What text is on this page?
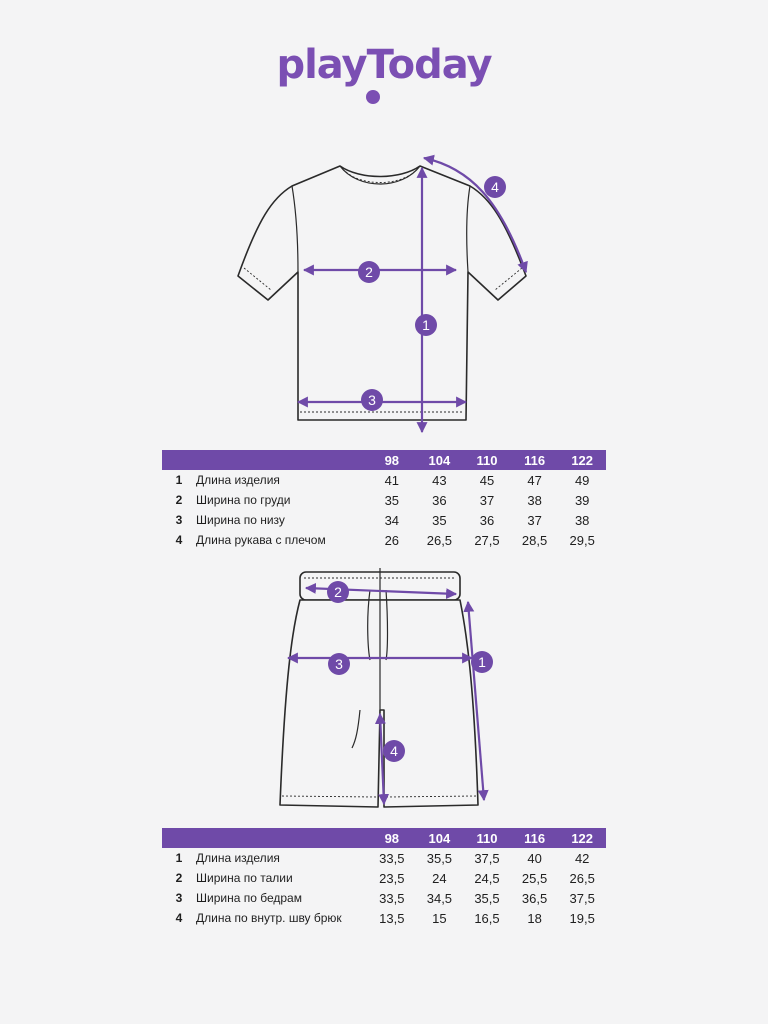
playToday
1
2
3
4
		98	104	110	116	122
1	Длина изделия	41	43	45	47	49
2	Ширина по груди	35	36	37	38	39
3	Ширина по низу	34	35	36	37	38
4	Длина рукава с плечом	26	26,5	27,5	28,5	29,5
1
2
3
4
		98	104	110	116	122
1	Длина изделия	33,5	35,5	37,5	40	42
2	Ширина по талии	23,5	24	24,5	25,5	26,5
3	Ширина по бедрам	33,5	34,5	35,5	36,5	37,5
4	Длина по внутр. шву брюк	13,5	15	16,5	18	19,5
